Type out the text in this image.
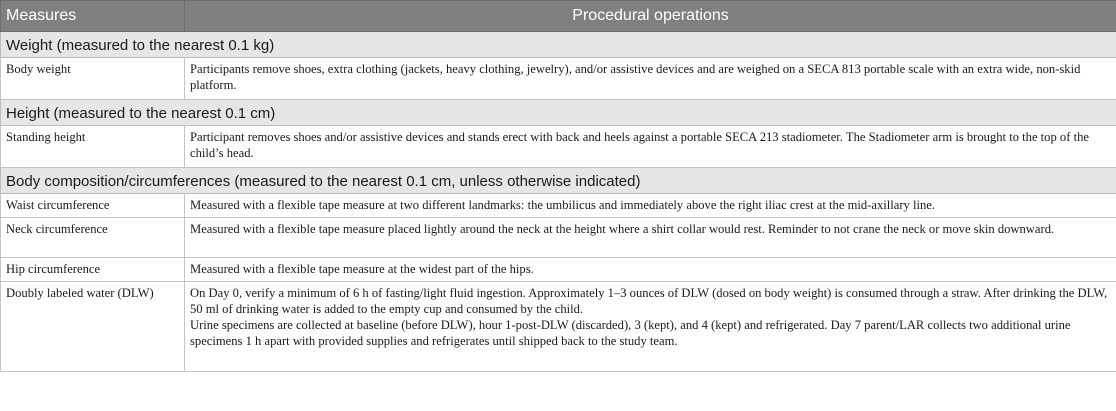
Measures	Procedural operations
Weight (measured to the nearest 0.1 kg)	
Body weight	Participants remove shoes, extra clothing (jackets, heavy clothing, jewelry), and/or assistive devices and are weighed on a SECA 813 portable scale with an extra wide, non-skid platform.

Height (measured to the nearest 0.1 cm)	
Standing height	Participant removes shoes and/or assistive devices and stands erect with back and heels against a portable SECA 213 stadiometer. The Stadiometer arm is brought to the top of the child’s head.

Body composition/circumferences (measured to the nearest 0.1 cm, unless otherwise indicated)	
Waist circumference	Measured with a flexible tape measure at two different landmarks: the umbilicus and immediately above the right iliac crest at the mid-axillary line.

Neck circumference	Measured with a flexible tape measure placed lightly around the neck at the height where a shirt collar would rest. Reminder to not crane the neck or move skin downward.

Hip circumference	Measured with a flexible tape measure at the widest part of the hips.

Doubly labeled water (DLW)	On Day 0, verify a minimum of 6 h of fasting/light fluid ingestion. Approximately 1–3 ounces of DLW (dosed on body weight) is consumed through a straw. After drinking the DLW, 50 ml of drinking water is added to the empty cup and consumed by the child.
Urine specimens are collected at baseline (before DLW), hour 1-post-DLW (discarded), 3 (kept), and 4 (kept) and refrigerated. Day 7 parent/LAR collects two additional urine specimens 1 h apart with provided supplies and refrigerates until shipped back to the study team.
